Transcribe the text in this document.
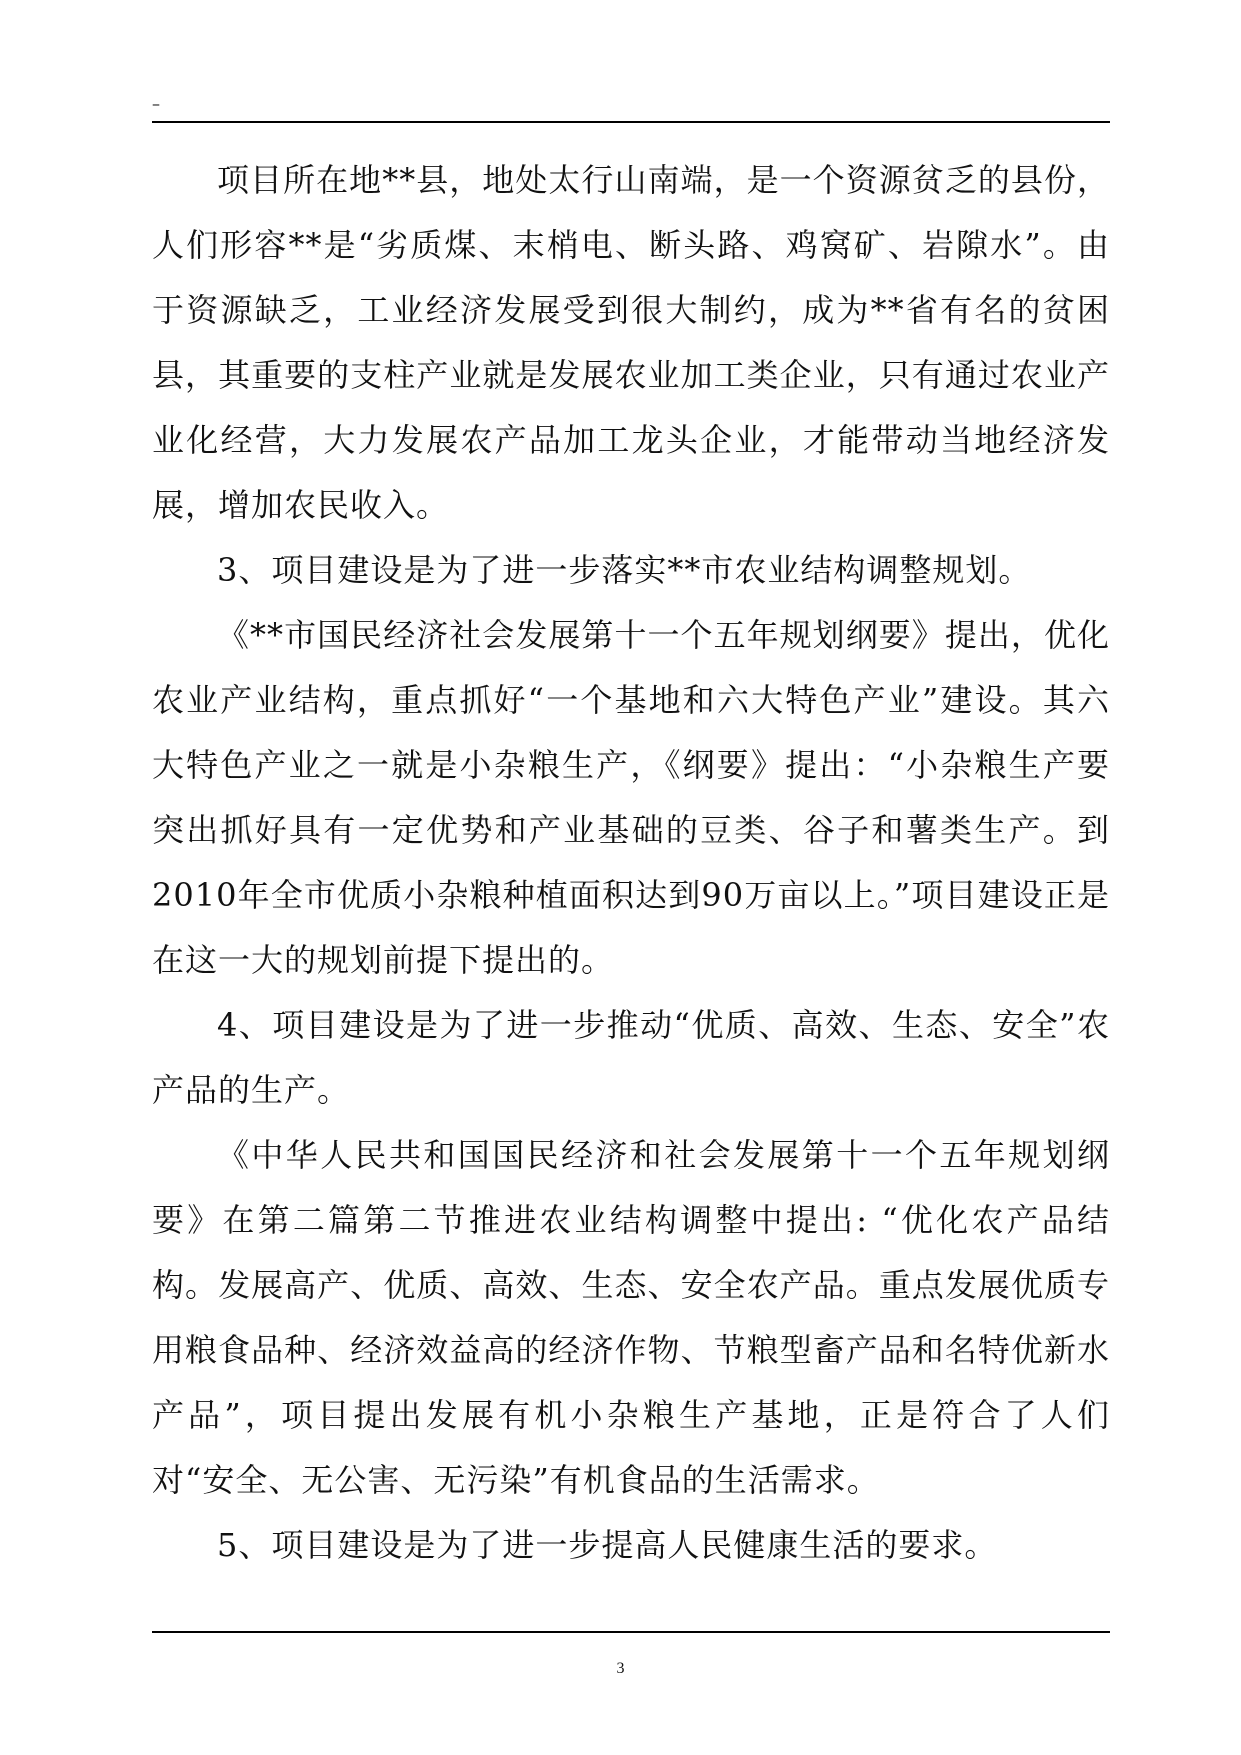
–

项目所在地**县，地处太行山南端，是一个资源贫乏的县份，人们形容**是“劣质煤、末梢电、断头路、鸡窝矿、岩隙水”。由于资源缺乏，工业经济发展受到很大制约，成为**省有名的贫困县，其重要的支柱产业就是发展农业加工类企业，只有通过农业产业化经营，大力发展农产品加工龙头企业，才能带动当地经济发展，增加农民收入。

3、项目建设是为了进一步落实**市农业结构调整规划。

《**市国民经济社会发展第十一个五年规划纲要》提出，优化农业产业结构，重点抓好“一个基地和六大特色产业”建设。其六大特色产业之一就是小杂粮生产，《纲要》提出：“小杂粮生产要突出抓好具有一定优势和产业基础的豆类、谷子和薯类生产。到2010年全市优质小杂粮种植面积达到90万亩以上。”项目建设正是在这一大的规划前提下提出的。

4、项目建设是为了进一步推动“优质、高效、生态、安全”农产品的生产。

《中华人民共和国国民经济和社会发展第十一个五年规划纲要》在第二篇第二节推进农业结构调整中提出: “优化农产品结构。发展高产、优质、高效、生态、安全农产品。重点发展优质专用粮食品种、经济效益高的经济作物、节粮型畜产品和名特优新水产品”，项目提出发展有机小杂粮生产基地，正是符合了人们对“安全、无公害、无污染”有机食品的生活需求。

5、项目建设是为了进一步提高人民健康生活的要求。

3
